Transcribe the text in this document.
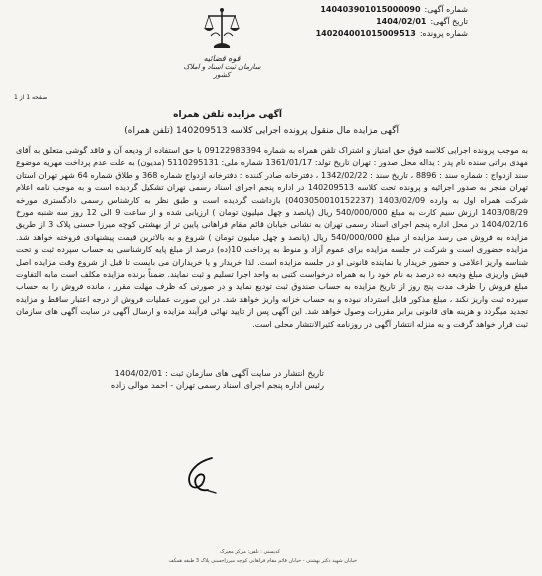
شماره آگهی:
140403901015000090
تاریخ آگهی:
1404/02/01
شماره پرونده:
140204001015009513
قوه قضائیه
سازمان ثبت اسناد و املاک کشور
صفحه 1 از 1
آگهی مزایده تلفن همراه
آگهی مزایده مال منقول پرونده اجرایی کلاسه 140209513 (تلفن همراه)

به موجب پرونده اجرایی کلاسه فوق حق امتیاز و اشتراک تلفن همراه به شماره 09122983394 با حق استفاده از ودیعه آن و فاقد گوشی متعلق به آقای مهدی براتی سنده نام پدر : یداله محل صدور : تهران تاریخ تولد: 1361/01/17 شماره ملی: 5110295131 (مدیون) به علت عدم پرداخت مهریه موضوع سند ازدواج : شماره سند : 8896 ، تاریخ سند : 1342/02/22 ، دفترخانه صادر کننده : دفترخانه ازدواج شماره 368 و طلاق شماره 64 شهر تهران استان تهران منجر به صدور اجرائیه و پرونده تحت کلاسه 140209513 در اداره پنجم اجرای اسناد رسمی تهران تشکیل گردیده است و به موجب نامه اعلام شرکت همراه اول به وارده 1403/02/09 (0403050010152237) بازداشت گردیده است و طبق نظر به کارشناس رسمی دادگستری مورخه 1403/08/29 ارزش سیم کارت به مبلغ 540/000/000 ریال (پانصد و چهل میلیون تومان ) ارزیابی شده و از ساعت 9 الی 12 روز سه شنبه مورخ 1404/02/16 در محل اداره پنجم اجرای اسناد رسمی تهران به نشانی خیابان قائم مقام فراهانی پایین تر از بهشتی کوچه میرزا حسنی پلاک 3 از طریق مزایده به فروش می رسد مزایده از مبلغ 540/000/000 ریال (پانصد و چهل میلیون تومان ) شروع و به بالاترین قیمت پیشنهادی فروخته خواهد شد. مزایده حضوری است و شرکت در جلسه مزایده برای عموم آزاد و منوط به پرداخت 10(ده) درصد از مبلغ پایه کارشناسی به حساب سپرده ثبت و تحت شناسه واریز اعلامی و حضور خریدار یا نماینده قانونی او در جلسه مزایده است. لذا خریدار و یا خریداران می بایست تا قبل از شروع وقت مزایده اصل فیش واریزی مبلغ ودیعه ده درصد به نام خود را به همراه درخواست کتبی به واحد اجرا تسلیم و ثبت نمایند. ضمناً برنده مزایده مکلف است مابه التفاوت مبلغ فروش را ظرف مدت پنج روز از تاریخ مزایده به حساب صندوق ثبت تودیع نماید و در صورتی که ظرف مهلت مقرر ، مانده فروش را به حساب سپرده ثبت واریز نکند ، مبلغ مذکور قابل استرداد نبوده و به حساب خزانه واریز خواهد شد. در این صورت عملیات فروش از درجه اعتبار ساقط و مزایده تجدید میگردد و هزینه های قانونی برابر مقررات وصول خواهد شد. این آگهی پس از تایید نهائی فرآیند مزایده و ارسال آگهی در سایت آگهی های سازمان ثبت قرار خواهد گرفت و به منزله انتشار آگهی در روزنامه کثیرالانتشار محلی است.

تاریخ انتشار در سایت آگهی های سازمان ثبت : 1404/02/01
رئیس اداره پنجم اجرای اسناد رسمی تهران - احمد موالی زاده
کدپستی : تلفن: مرکز معیرک
خیابان شهید دکتر بهشتی - خیابان قائم مقام فراهانی کوچه میرزاحسنی پلاک 3 طبقه همکف
